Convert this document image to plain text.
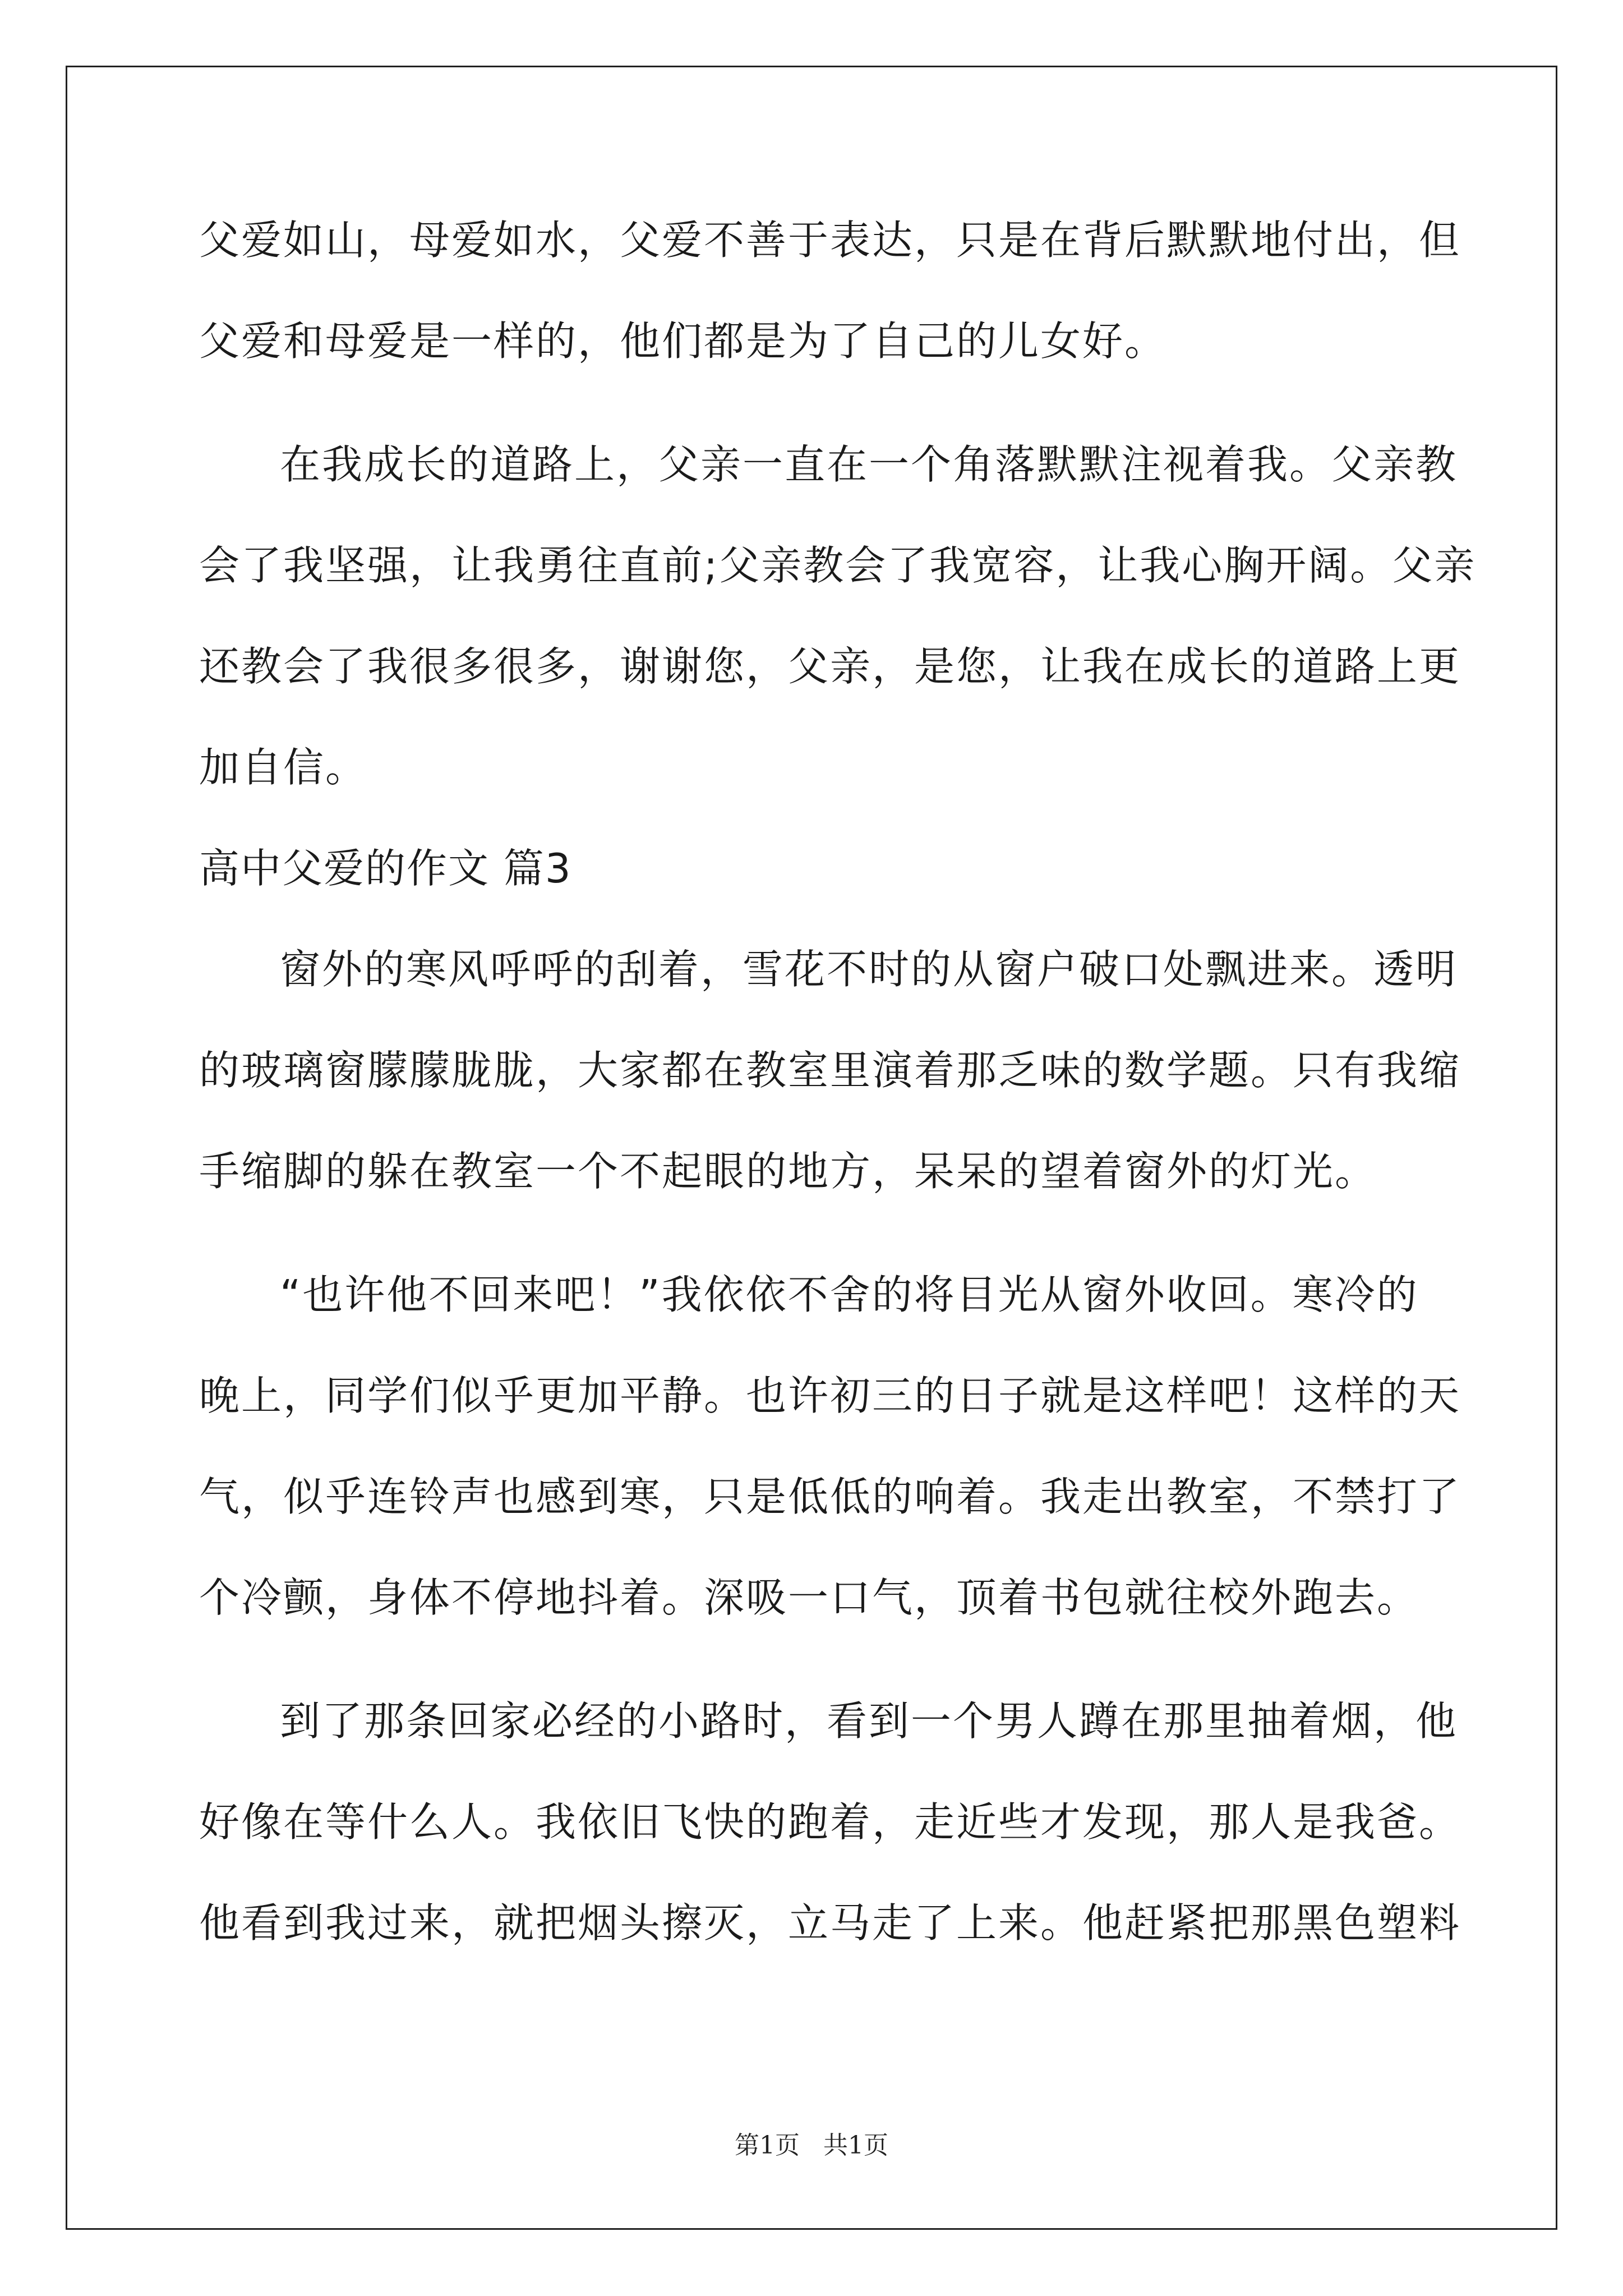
父爱如山，母爱如水，父爱不善于表达，只是在背后默默地付出，但
父爱和母爱是一样的，他们都是为了自己的儿女好。
在我成长的道路上，父亲一直在一个角落默默注视着我。父亲教
会了我坚强，让我勇往直前;父亲教会了我宽容，让我心胸开阔。父亲
还教会了我很多很多，谢谢您，父亲，是您，让我在成长的道路上更
加自信。
高中父爱的作文 篇3
窗外的寒风呼呼的刮着，雪花不时的从窗户破口处飘进来。透明
的玻璃窗朦朦胧胧，大家都在教室里演着那乏味的数学题。只有我缩
手缩脚的躲在教室一个不起眼的地方，呆呆的望着窗外的灯光。
“也许他不回来吧！”我依依不舍的将目光从窗外收回。寒冷的
晚上，同学们似乎更加平静。也许初三的日子就是这样吧！这样的天
气，似乎连铃声也感到寒，只是低低的响着。我走出教室，不禁打了
个冷颤，身体不停地抖着。深吸一口气，顶着书包就往校外跑去。
到了那条回家必经的小路时，看到一个男人蹲在那里抽着烟，他
好像在等什么人。我依旧飞快的跑着，走近些才发现，那人是我爸。
他看到我过来，就把烟头擦灭，立马走了上来。他赶紧把那黑色塑料
第1页 共1页
